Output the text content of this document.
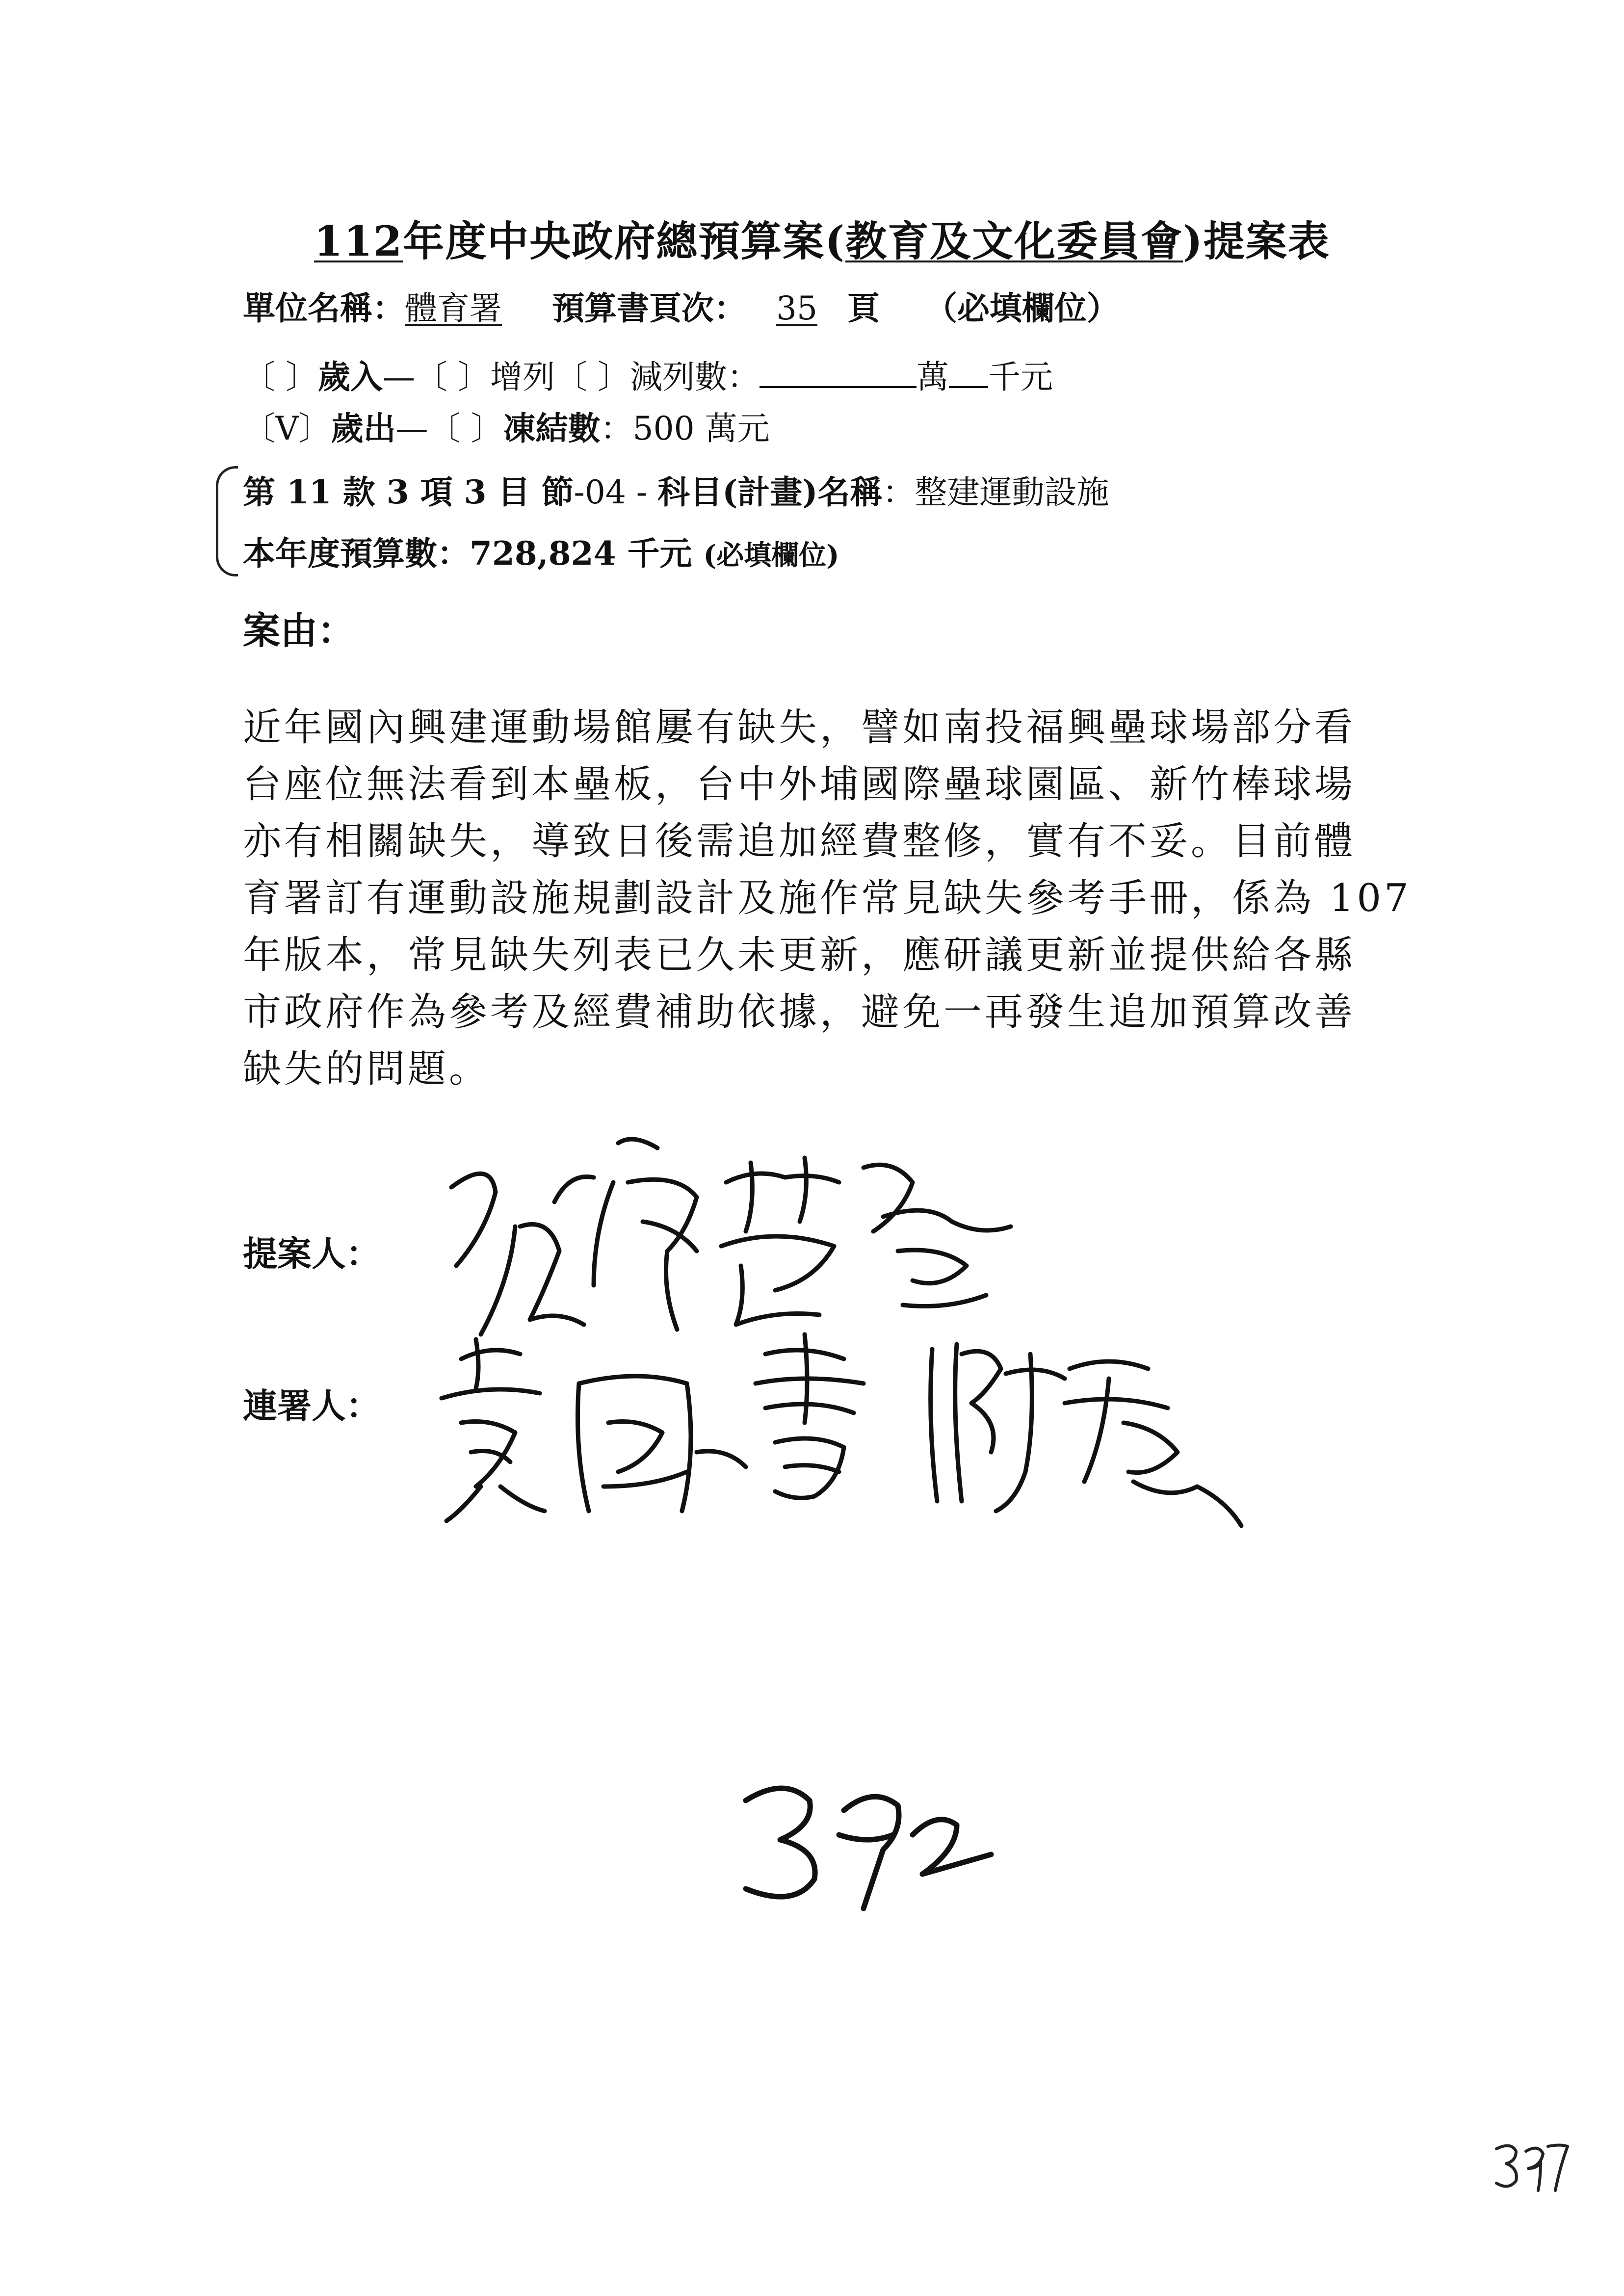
112年度中央政府總預算案(教育及文化委員會)提案表
單位名稱：體育署 預算書頁次： 35 頁 （必填欄位）
〔 〕歲入—〔 〕增列〔 〕減列數：	萬 千元
〔V〕歲出—〔 〕凍結數：500 萬元
第 11 款 3 項 3 目 節-04 - 科目(計畫)名稱：整建運動設施
本年度預算數：728,824 千元 (必填欄位)
案由：

近年國內興建運動場館屢有缺失，譬如南投福興壘球場部分看

台座位無法看到本壘板，台中外埔國際壘球園區、新竹棒球場

亦有相關缺失，導致日後需追加經費整修，實有不妥。目前體

育署訂有運動設施規劃設計及施作常見缺失參考手冊，係為 107

年版本，常見缺失列表已久未更新，應研議更新並提供給各縣

市政府作為參考及經費補助依據，避免一再發生追加預算改善

缺失的問題。

提案人：
連署人：
